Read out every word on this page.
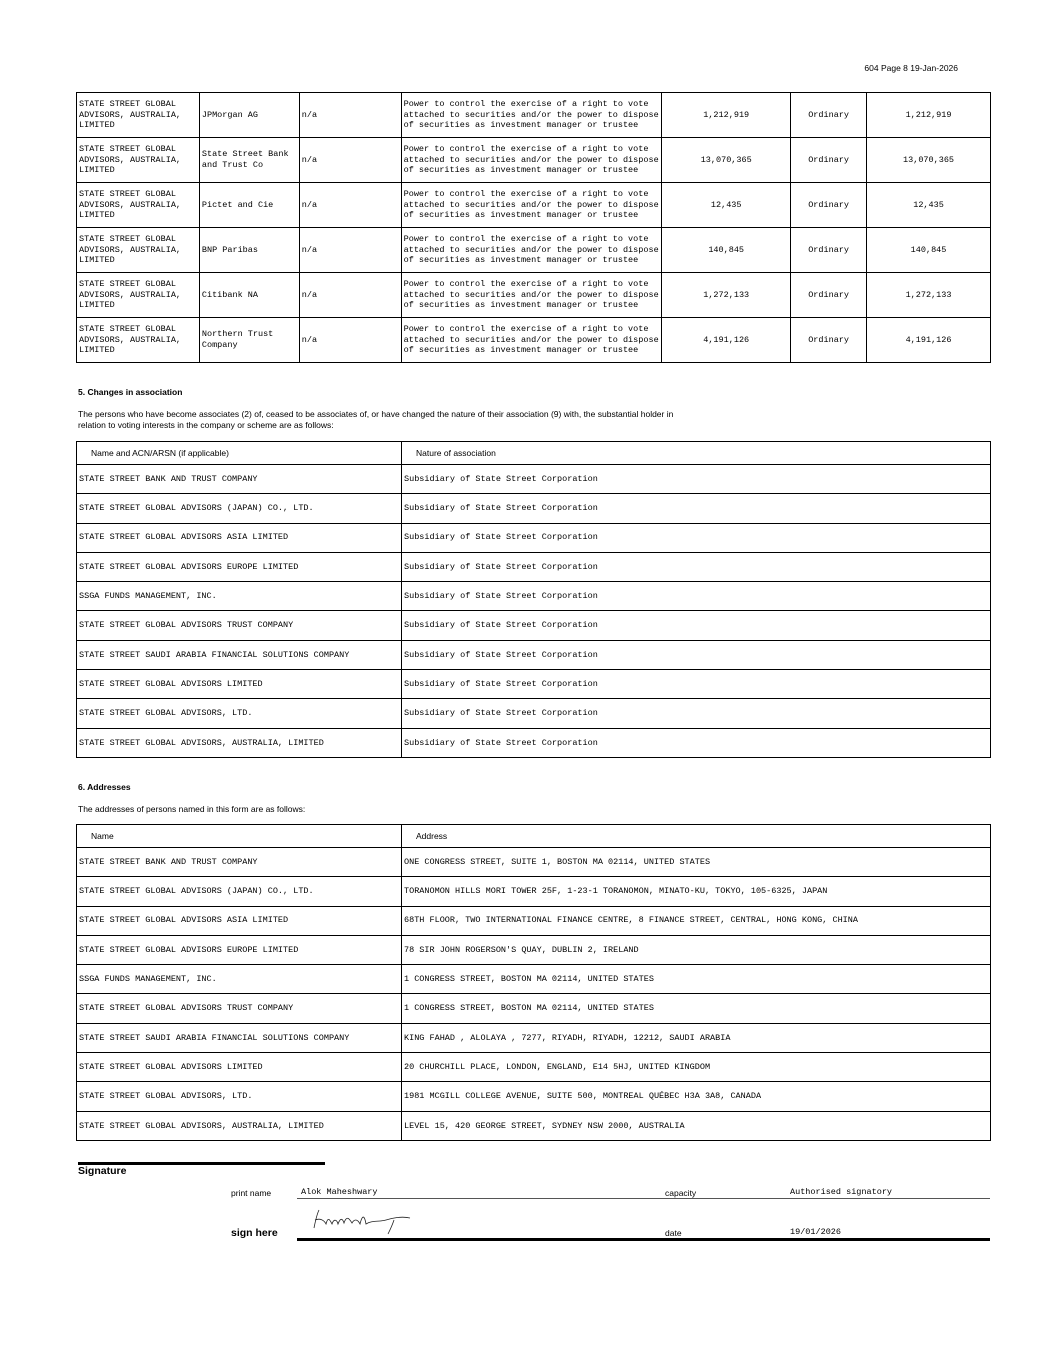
604 Page 8 19-Jan-2026
STATE STREET GLOBAL ADVISORS, AUSTRALIA, LIMITED	JPMorgan AG	n/a	Power to control the exercise of a right to vote attached to securities and/or the power to dispose of securities as investment manager or trustee	1,212,919	Ordinary	1,212,919
STATE STREET GLOBAL ADVISORS, AUSTRALIA, LIMITED	State Street Bank and Trust Co	n/a	Power to control the exercise of a right to vote attached to securities and/or the power to dispose of securities as investment manager or trustee	13,070,365	Ordinary	13,070,365
STATE STREET GLOBAL ADVISORS, AUSTRALIA, LIMITED	Pictet and Cie	n/a	Power to control the exercise of a right to vote attached to securities and/or the power to dispose of securities as investment manager or trustee	12,435	Ordinary	12,435
STATE STREET GLOBAL ADVISORS, AUSTRALIA, LIMITED	BNP Paribas	n/a	Power to control the exercise of a right to vote attached to securities and/or the power to dispose of securities as investment manager or trustee	140,845	Ordinary	140,845
STATE STREET GLOBAL ADVISORS, AUSTRALIA, LIMITED	Citibank NA	n/a	Power to control the exercise of a right to vote attached to securities and/or the power to dispose of securities as investment manager or trustee	1,272,133	Ordinary	1,272,133
STATE STREET GLOBAL ADVISORS, AUSTRALIA, LIMITED	Northern Trust Company	n/a	Power to control the exercise of a right to vote attached to securities and/or the power to dispose of securities as investment manager or trustee	4,191,126	Ordinary	4,191,126
5. Changes in association
The persons who have become associates (2) of, ceased to be associates of, or have changed the nature of their association (9) with, the substantial holder in relation to voting interests in the company or scheme are as follows:
Name and ACN/ARSN (if applicable)	Nature of association
STATE STREET BANK AND TRUST COMPANY	Subsidiary of State Street Corporation
STATE STREET GLOBAL ADVISORS (JAPAN) CO., LTD.	Subsidiary of State Street Corporation
STATE STREET GLOBAL ADVISORS ASIA LIMITED	Subsidiary of State Street Corporation
STATE STREET GLOBAL ADVISORS EUROPE LIMITED	Subsidiary of State Street Corporation
SSGA FUNDS MANAGEMENT, INC.	Subsidiary of State Street Corporation
STATE STREET GLOBAL ADVISORS TRUST COMPANY	Subsidiary of State Street Corporation
STATE STREET SAUDI ARABIA FINANCIAL SOLUTIONS COMPANY	Subsidiary of State Street Corporation
STATE STREET GLOBAL ADVISORS LIMITED	Subsidiary of State Street Corporation
STATE STREET GLOBAL ADVISORS, LTD.	Subsidiary of State Street Corporation
STATE STREET GLOBAL ADVISORS, AUSTRALIA, LIMITED	Subsidiary of State Street Corporation
6. Addresses
The addresses of persons named in this form are as follows:
Name	Address
STATE STREET BANK AND TRUST COMPANY	ONE CONGRESS STREET, SUITE 1, BOSTON MA 02114, UNITED STATES
STATE STREET GLOBAL ADVISORS (JAPAN) CO., LTD.	TORANOMON HILLS MORI TOWER 25F, 1-23-1 TORANOMON, MINATO-KU, TOKYO, 105-6325, JAPAN
STATE STREET GLOBAL ADVISORS ASIA LIMITED	68TH FLOOR, TWO INTERNATIONAL FINANCE CENTRE, 8 FINANCE STREET, CENTRAL, HONG KONG, CHINA
STATE STREET GLOBAL ADVISORS EUROPE LIMITED	78 SIR JOHN ROGERSON'S QUAY, DUBLIN 2, IRELAND
SSGA FUNDS MANAGEMENT, INC.	1 CONGRESS STREET, BOSTON MA 02114, UNITED STATES
STATE STREET GLOBAL ADVISORS TRUST COMPANY	1 CONGRESS STREET, BOSTON MA 02114, UNITED STATES
STATE STREET SAUDI ARABIA FINANCIAL SOLUTIONS COMPANY	KING FAHAD , ALOLAYA , 7277, RIYADH, RIYADH, 12212, SAUDI ARABIA
STATE STREET GLOBAL ADVISORS LIMITED	20 CHURCHILL PLACE, LONDON, ENGLAND, E14 5HJ, UNITED KINGDOM
STATE STREET GLOBAL ADVISORS, LTD.	1981 MCGILL COLLEGE AVENUE, SUITE 500, MONTREAL QUÉBEC H3A 3A8, CANADA
STATE STREET GLOBAL ADVISORS, AUSTRALIA, LIMITED	LEVEL 15, 420 GEORGE STREET, SYDNEY NSW 2000, AUSTRALIA
Signature
print name	Alok Maheshwary	capacity	Authorised signatory
sign here	date	19/01/2026
